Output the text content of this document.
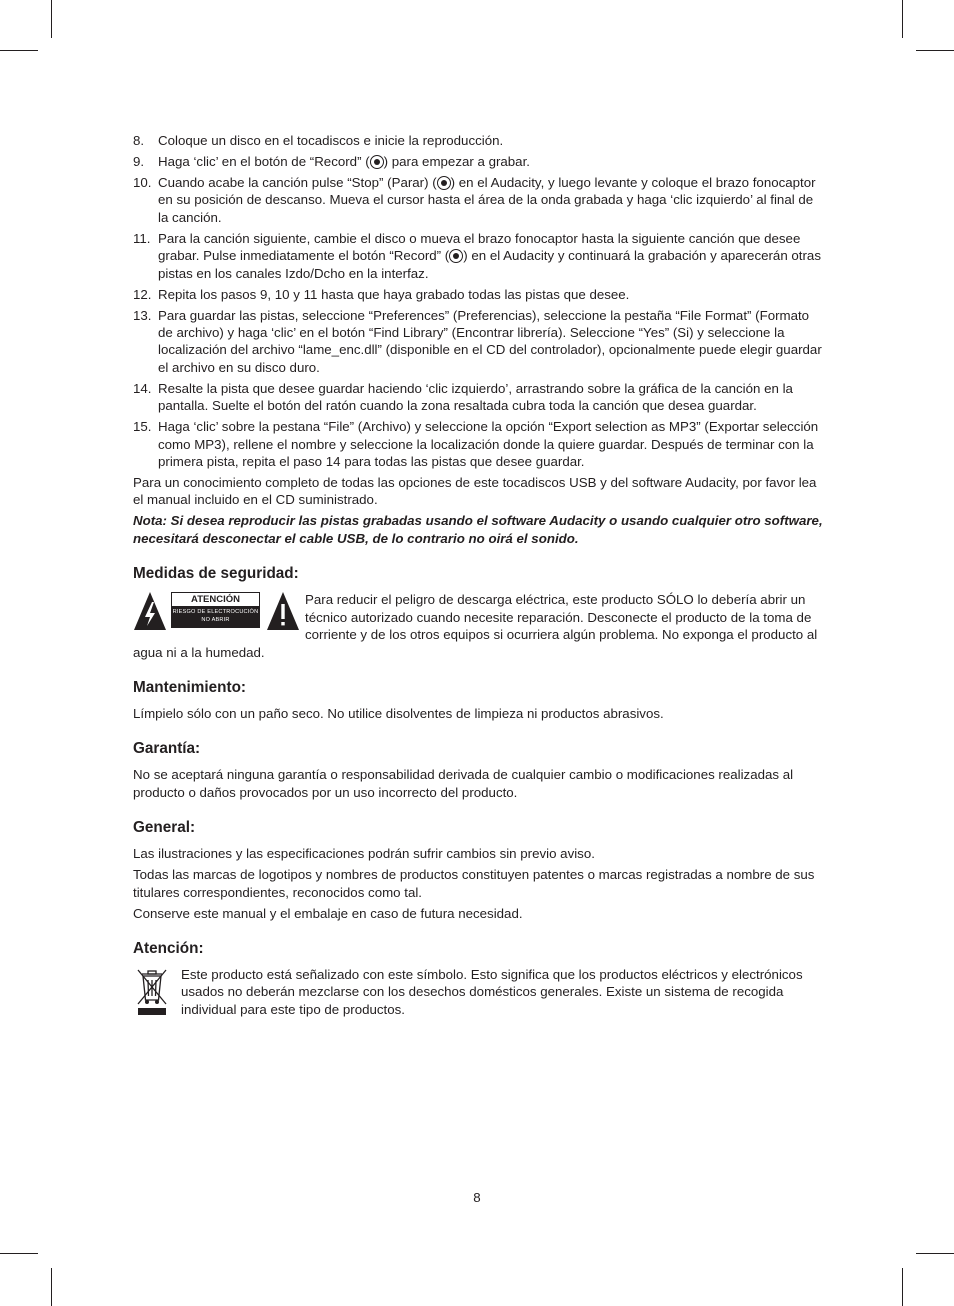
8. Coloque un disco en el tocadiscos e inicie la reproducción.
9. Haga ‘clic’ en el botón de “Record” ( ) para empezar a grabar.
10. Cuando acabe la canción pulse “Stop” (Parar) ( ) en el Audacity, y luego levante y coloque el brazo fonocaptor en su posición de descanso. Mueva el cursor hasta el área de la onda grabada y haga ‘clic izquierdo’ al final de la canción.
11. Para la canción siguiente, cambie el disco o mueva el brazo fonocaptor hasta la siguiente canción que desee grabar. Pulse inmediatamente el botón “Record” ( ) en el Audacity y continuará la grabación y aparecerán otras pistas en los canales Izdo/Dcho en la interfaz.
12. Repita los pasos 9, 10 y 11 hasta que haya grabado todas las pistas que desee.
13. Para guardar las pistas, seleccione “Preferences” (Preferencias), seleccione la pestaña “File Format” (Formato de archivo) y haga ‘clic’ en el botón “Find Library” (Encontrar librería). Seleccione “Yes” (Si) y seleccione la localización del archivo “lame_enc.dll” (disponible en el CD del controlador), opcionalmente puede elegir guardar el archivo en su disco duro.
14. Resalte la pista que desee guardar haciendo ‘clic izquierdo’, arrastrando sobre la gráfica de la canción en la pantalla. Suelte el botón del ratón cuando la zona resaltada cubra toda la canción que desea guardar.
15. Haga ‘clic’ sobre la pestana “File” (Archivo) y seleccione la opción “Export selection as MP3” (Exportar selección como MP3), rellene el nombre y seleccione la localización donde la quiere guardar. Después de terminar con la primera pista, repita el paso 14 para todas las pistas que desee guardar.

Para un conocimiento completo de todas las opciones de este tocadiscos USB y del software Audacity, por favor lea el manual incluido en el CD suministrado.

Nota: Si desea reproducir las pistas grabadas usando el software Audacity o usando cualquier otro software, necesitará desconectar el cable USB, de lo contrario no oirá el sonido.

Medidas de seguridad:
ATENCIÓN
RIESGO DE ELECTROCUCIÓN
NO ABRIR
Para reducir el peligro de descarga eléctrica, este producto SÓLO lo debería abrir un técnico autorizado cuando necesite reparación. Desconecte el producto de la toma de corriente y de los otros equipos si ocurriera algún problema. No exponga el producto al agua ni a la humedad.
Mantenimiento:

Límpielo sólo con un paño seco. No utilice disolventes de limpieza ni productos abrasivos.

Garantía:

No se aceptará ninguna garantía o responsabilidad derivada de cualquier cambio o modificaciones realizadas al producto o daños provocados por un uso incorrecto del producto.

General:

Las ilustraciones y las especificaciones podrán sufrir cambios sin previo aviso.

Todas las marcas de logotipos y nombres de productos constituyen patentes o marcas registradas a nombre de sus titulares correspondientes, reconocidos como tal.

Conserve este manual y el embalaje en caso de futura necesidad.

Atención:
Este producto está señalizado con este símbolo. Esto significa que los productos eléctricos y electrónicos usados no deberán mezclarse con los desechos domésticos generales. Existe un sistema de recogida individual para este tipo de productos.
8
